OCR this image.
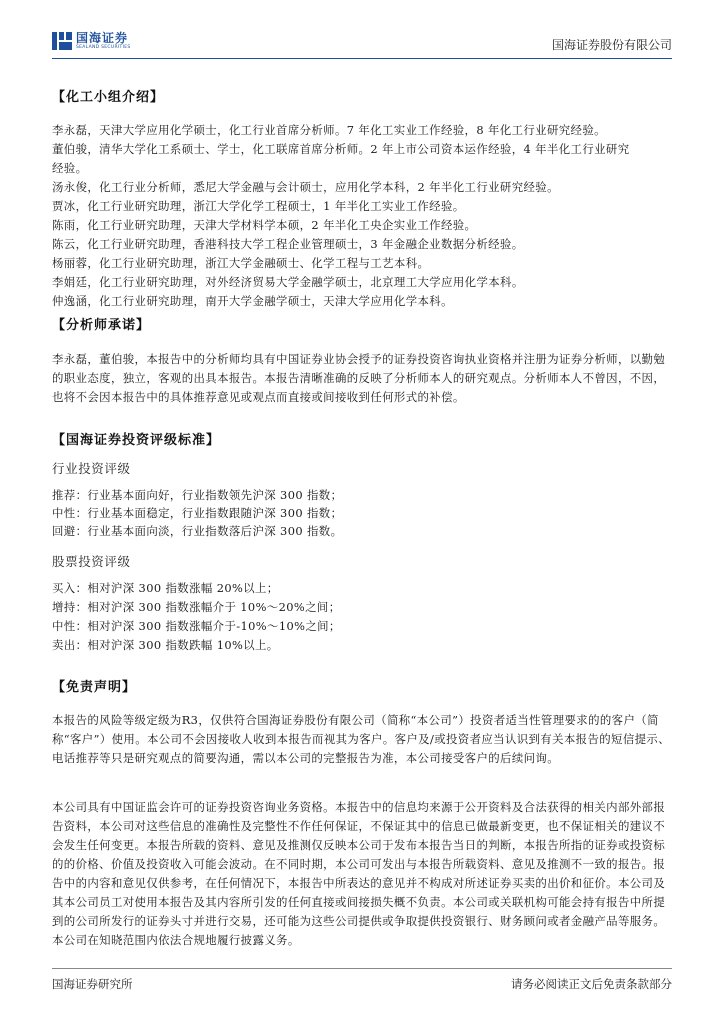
国海证券
SEALAND SECURITIES	国海证券股份有限公司
【化工小组介绍】
李永磊，天津大学应用化学硕士，化工行业首席分析师。7 年化工实业工作经验，8 年化工行业研究经验。
董伯骏，清华大学化工系硕士、学士，化工联席首席分析师。2 年上市公司资本运作经验，4 年半化工行业研究
经验。
汤永俊，化工行业分析师，悉尼大学金融与会计硕士，应用化学本科，2 年半化工行业研究经验。
贾冰，化工行业研究助理，浙江大学化学工程硕士，1 年半化工实业工作经验。
陈雨，化工行业研究助理，天津大学材料学本硕，2 年半化工央企实业工作经验。
陈云，化工行业研究助理，香港科技大学工程企业管理硕士，3 年金融企业数据分析经验。
杨丽蓉，化工行业研究助理，浙江大学金融硕士、化学工程与工艺本科。
李娟廷，化工行业研究助理，对外经济贸易大学金融学硕士，北京理工大学应用化学本科。
仲逸涵，化工行业研究助理，南开大学金融学硕士，天津大学应用化学本科。
【分析师承诺】
李永磊，董伯骏，本报告中的分析师均具有中国证券业协会授予的证券投资咨询执业资格并注册为证券分析师，以勤勉的职业态度，独立，客观的出具本报告。本报告清晰准确的反映了分析师本人的研究观点。分析师本人不曾因，不因，也将不会因本报告中的具体推荐意见或观点而直接或间接收到任何形式的补偿。
【国海证券投资评级标准】
行业投资评级
推荐：行业基本面向好，行业指数领先沪深 300 指数；
中性：行业基本面稳定，行业指数跟随沪深 300 指数；
回避：行业基本面向淡，行业指数落后沪深 300 指数。
股票投资评级
买入：相对沪深 300 指数涨幅 20%以上；
增持：相对沪深 300 指数涨幅介于 10%～20%之间；
中性：相对沪深 300 指数涨幅介于-10%～10%之间；
卖出：相对沪深 300 指数跌幅 10%以上。
【免责声明】
本报告的风险等级定级为R3，仅供符合国海证券股份有限公司（简称“本公司”）投资者适当性管理要求的的客户（简称“客户”）使用。本公司不会因接收人收到本报告而视其为客户。客户及/或投资者应当认识到有关本报告的短信提示、电话推荐等只是研究观点的简要沟通，需以本公司的完整报告为准，本公司接受客户的后续问询。
本公司具有中国证监会许可的证券投资咨询业务资格。本报告中的信息均来源于公开资料及合法获得的相关内部外部报告资料，本公司对这些信息的准确性及完整性不作任何保证，不保证其中的信息已做最新变更，也不保证相关的建议不会发生任何变更。本报告所载的资料、意见及推测仅反映本公司于发布本报告当日的判断，本报告所指的证券或投资标的的价格、价值及投资收入可能会波动。在不同时期，本公司可发出与本报告所载资料、意见及推测不一致的报告。报告中的内容和意见仅供参考，在任何情况下，本报告中所表达的意见并不构成对所述证券买卖的出价和征价。本公司及其本公司员工对使用本报告及其内容所引发的任何直接或间接损失概不负责。本公司或关联机构可能会持有报告中所提到的公司所发行的证券头寸并进行交易，还可能为这些公司提供或争取提供投资银行、财务顾问或者金融产品等服务。本公司在知晓范围内依法合规地履行披露义务。
国海证券研究所	请务必阅读正文后免责条款部分
